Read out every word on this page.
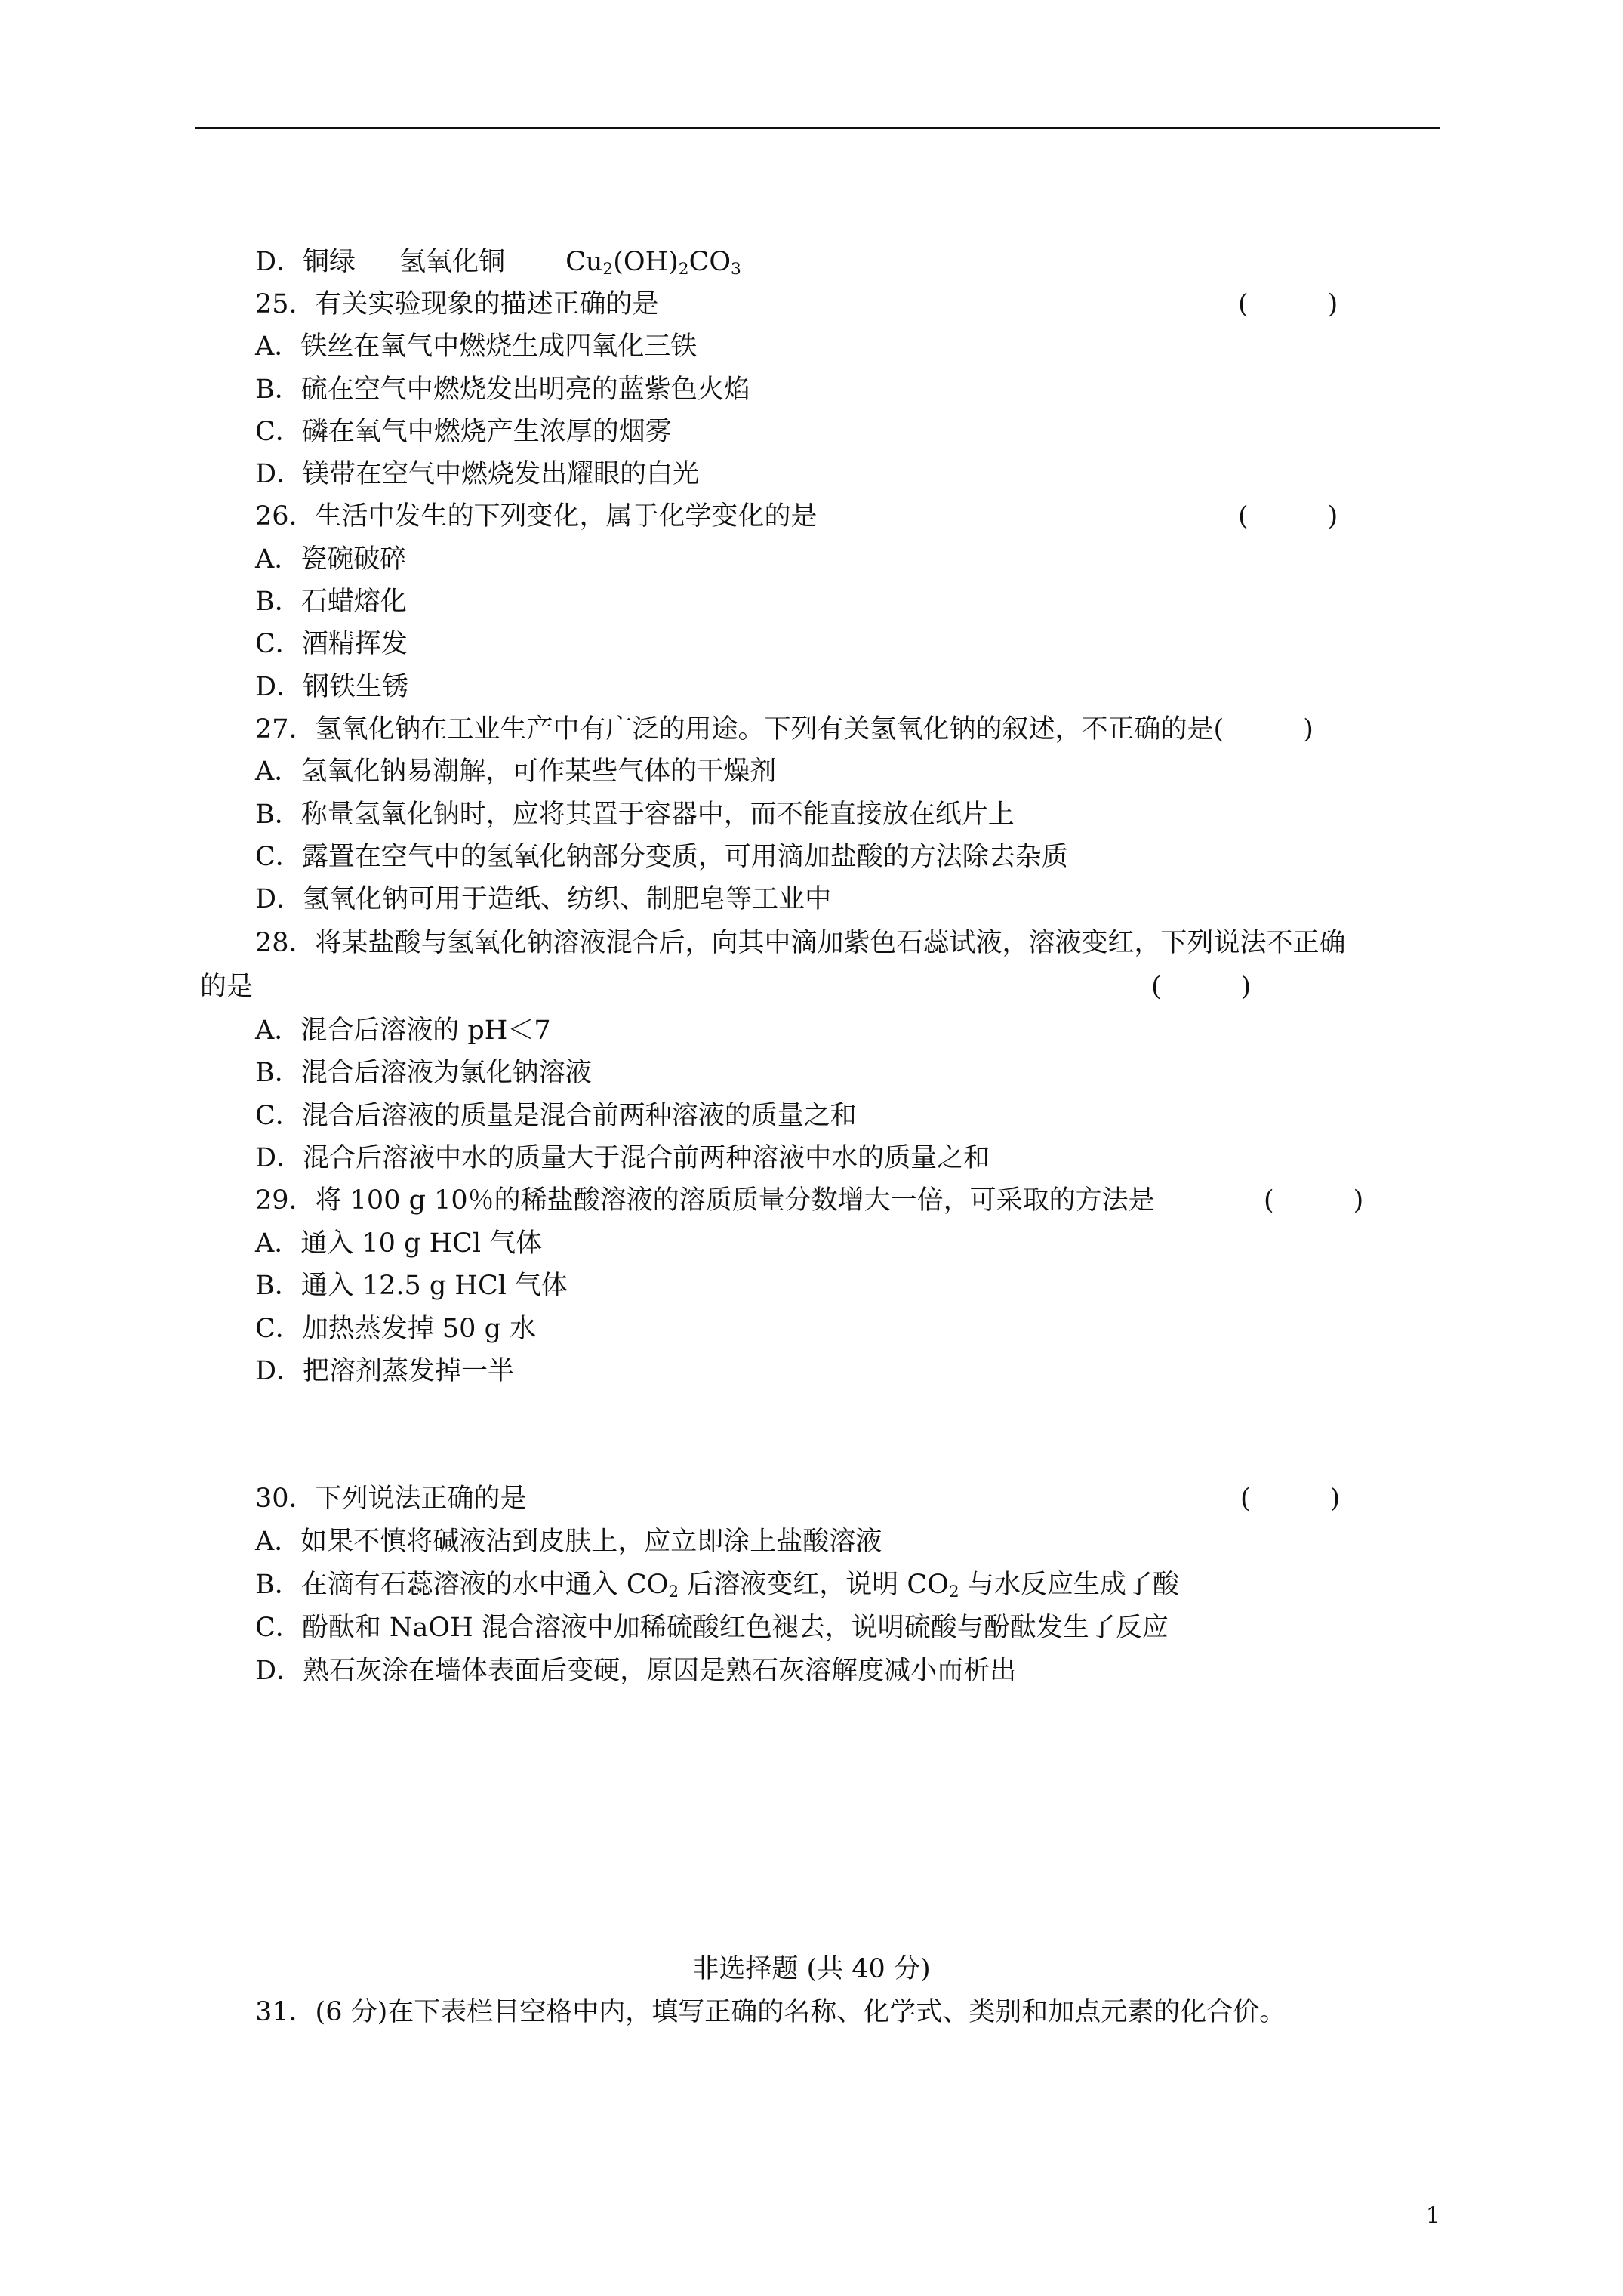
D．铜绿 氢氧化铜 $Cu_2(OH)_2CO_3$
25．有关实验现象的描述正确的是	(　　　)
A．铁丝在氧气中燃烧生成四氧化三铁
B．硫在空气中燃烧发出明亮的蓝紫色火焰
C．磷在氧气中燃烧产生浓厚的烟雾
D．镁带在空气中燃烧发出耀眼的白光
26．生活中发生的下列变化，属于化学变化的是	(　　　)
A．瓷碗破碎
B．石蜡熔化
C．酒精挥发
D．钢铁生锈
27．氢氧化钠在工业生产中有广泛的用途。下列有关氢氧化钠的叙述，不正确的是(　　　)
A．氢氧化钠易潮解，可作某些气体的干燥剂
B．称量氢氧化钠时，应将其置于容器中，而不能直接放在纸片上
C．露置在空气中的氢氧化钠部分变质，可用滴加盐酸的方法除去杂质
D．氢氧化钠可用于造纸、纺织、制肥皂等工业中
28．将某盐酸与氢氧化钠溶液混合后，向其中滴加紫色石蕊试液，溶液变红，下列说法不正确
的是	(　　　)
A．混合后溶液的 pH＜7
B．混合后溶液为氯化钠溶液
C．混合后溶液的质量是混合前两种溶液的质量之和
D．混合后溶液中水的质量大于混合前两种溶液中水的质量之和
29．将 100 g 10％的稀盐酸溶液的溶质质量分数增大一倍，可采取的方法是	(　　　)
A．通入 10 g HCl 气体
B．通入 12.5 g HCl 气体
C．加热蒸发掉 50 g 水
D．把溶剂蒸发掉一半
30．下列说法正确的是	(　　　)
A．如果不慎将碱液沾到皮肤上，应立即涂上盐酸溶液
B．在滴有石蕊溶液的水中通入 $CO_2$ 后溶液变红，说明 $CO_2$ 与水反应生成了酸
C．酚酞和 NaOH 混合溶液中加稀硫酸红色褪去，说明硫酸与酚酞发生了反应
D．熟石灰涂在墙体表面后变硬，原因是熟石灰溶解度减小而析出
非选择题 (共 40 分)
31．(6 分)在下表栏目空格中内，填写正确的名称、化学式、类别和加点元素的化合价。
1
